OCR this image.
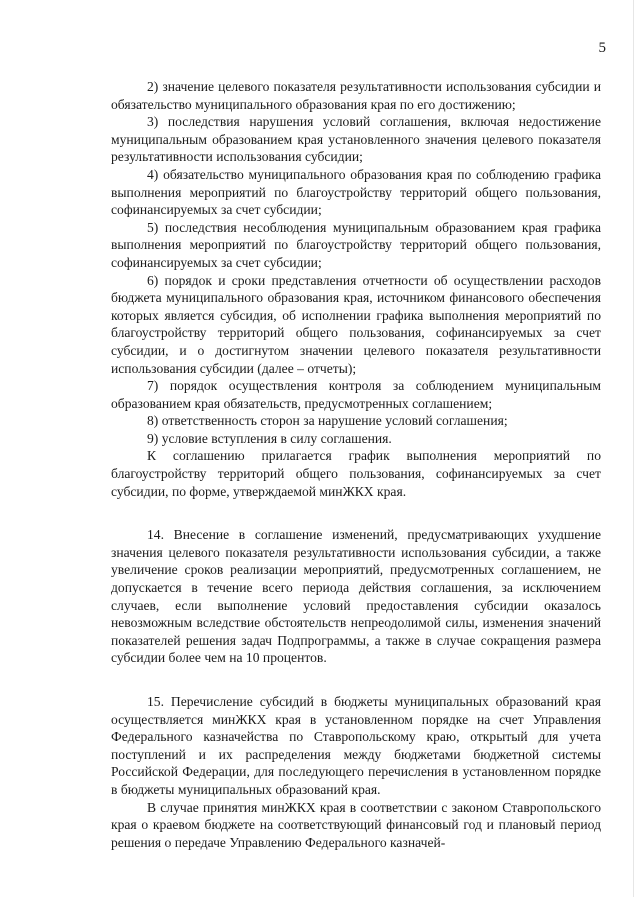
5

2) значение целевого показателя результативности использования субсидии и обязательство муниципального образования края по его достижению;

3) последствия нарушения условий соглашения, включая недостижение муниципальным образованием края установленного значения целевого показателя результативности использования субсидии;

4) обязательство муниципального образования края по соблюдению графика выполнения мероприятий по благоустройству территорий общего пользования, софинансируемых за счет субсидии;

5) последствия несоблюдения муниципальным образованием края графика выполнения мероприятий по благоустройству территорий общего пользования, софинансируемых за счет субсидии;

6) порядок и сроки представления отчетности об осуществлении расходов бюджета муниципального образования края, источником финансового обеспечения которых является субсидия, об исполнении графика выполнения мероприятий по благоустройству территорий общего пользования, софинансируемых за счет субсидии, и о достигнутом значении целевого показателя результативности использования субсидии (далее – отчеты);

7) порядок осуществления контроля за соблюдением муниципальным образованием края обязательств, предусмотренных соглашением;

8) ответственность сторон за нарушение условий соглашения;

9) условие вступления в силу соглашения.

К соглашению прилагается график выполнения мероприятий по благоустройству территорий общего пользования, софинансируемых за счет субсидии, по форме, утверждаемой минЖКХ края.

14. Внесение в соглашение изменений, предусматривающих ухудшение значения целевого показателя результативности использования субсидии, а также увеличение сроков реализации мероприятий, предусмотренных соглашением, не допускается в течение всего периода действия соглашения, за исключением случаев, если выполнение условий предоставления субсидии оказалось невозможным вследствие обстоятельств непреодолимой силы, изменения значений показателей решения задач Подпрограммы, а также в случае сокращения размера субсидии более чем на 10 процентов.

15. Перечисление субсидий в бюджеты муниципальных образований края осуществляется минЖКХ края в установленном порядке на счет Управления Федерального казначейства по Ставропольскому краю, открытый для учета поступлений и их распределения между бюджетами бюджетной системы Российской Федерации, для последующего перечисления в установленном порядке в бюджеты муниципальных образований края.

В случае принятия минЖКХ края в соответствии с законом Ставропольского края о краевом бюджете на соответствующий финансовый год и плановый период решения о передаче Управлению Федерального казначей-
